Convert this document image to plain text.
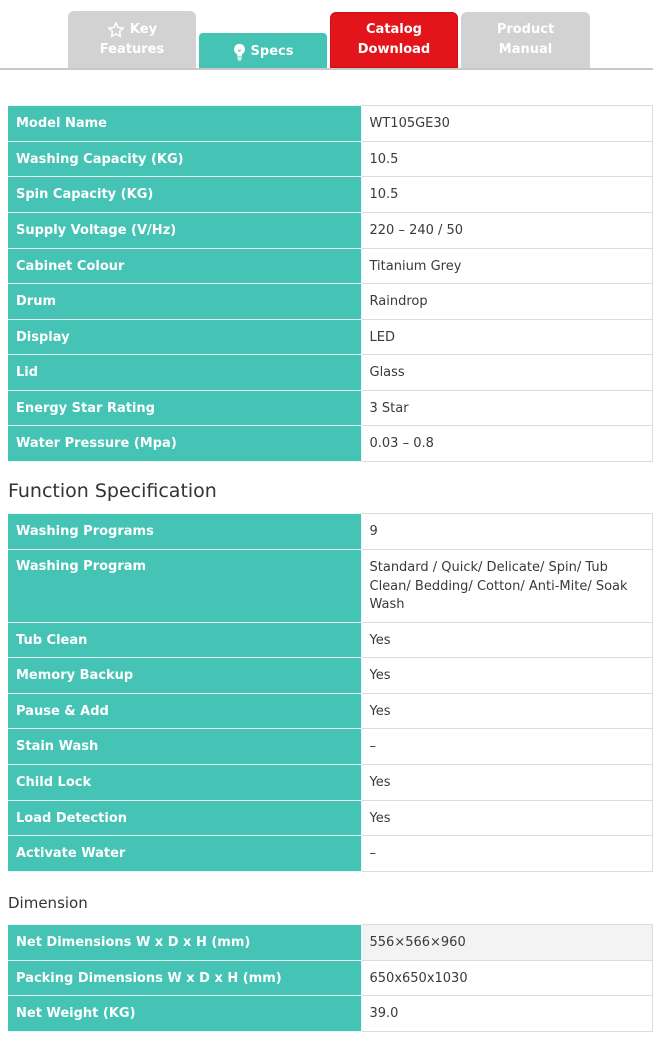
Key
Features	Specs
Catalog
Download
Product
Manual
Model Name	WT105GE30
Washing Capacity (KG)	10.5
Spin Capacity (KG)	10.5
Supply Voltage (V/Hz)	220 – 240 / 50
Cabinet Colour	Titanium Grey
Drum	Raindrop
Display	LED
Lid	Glass
Energy Star Rating	3 Star
Water Pressure (Mpa)	0.03 – 0.8
Function Specification
Washing Programs	9
Washing Program	Standard / Quick/ Delicate/ Spin/ Tub Clean/ Bedding/ Cotton/ Anti-Mite/ Soak Wash
Tub Clean	Yes
Memory Backup	Yes
Pause & Add	Yes
Stain Wash	–
Child Lock	Yes
Load Detection	Yes
Activate Water	–
Dimension
Net Dimensions W x D x H (mm)	556×566×960
Packing Dimensions W x D x H (mm)	650x650x1030
Net Weight (KG)	39.0
